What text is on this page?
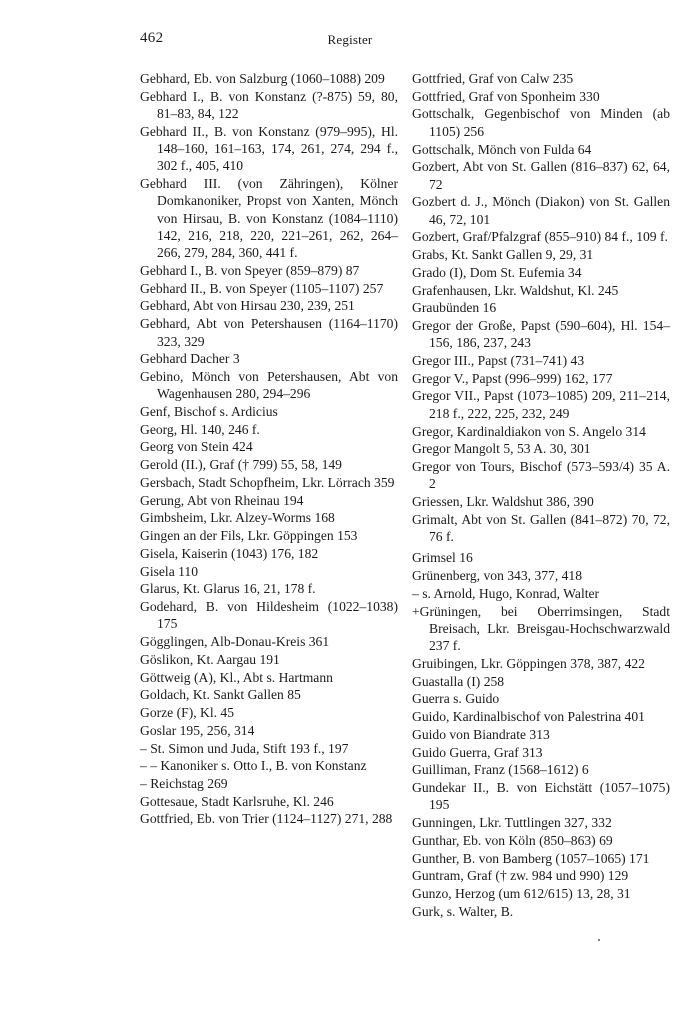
462	Register

Gebhard, Eb. von Salzburg (1060–1088) 209

Gebhard I., B. von Konstanz (?-875) 59, 80, 81–83, 84, 122

Gebhard II., B. von Konstanz (979–995), Hl. 148–160, 161–163, 174, 261, 274, 294 f., 302 f., 405, 410

Gebhard III. (von Zähringen), Kölner Domkanoniker, Propst von Xanten, Mönch von Hirsau, B. von Konstanz (1084–1110) 142, 216, 218, 220, 221–261, 262, 264–266, 279, 284, 360, 441 f.

Gebhard I., B. von Speyer (859–879) 87

Gebhard II., B. von Speyer (1105–1107) 257

Gebhard, Abt von Hirsau 230, 239, 251

Gebhard, Abt von Petershausen (1164–1170) 323, 329

Gebhard Dacher 3

Gebino, Mönch von Petershausen, Abt von Wagenhausen 280, 294–296

Genf, Bischof s. Ardicius

Georg, Hl. 140, 246 f.

Georg von Stein 424

Gerold (II.), Graf († 799) 55, 58, 149

Gersbach, Stadt Schopfheim, Lkr. Lörrach 359

Gerung, Abt von Rheinau 194

Gimbsheim, Lkr. Alzey-Worms 168

Gingen an der Fils, Lkr. Göppingen 153

Gisela, Kaiserin (1043) 176, 182

Gisela 110

Glarus, Kt. Glarus 16, 21, 178 f.

Godehard, B. von Hildesheim (1022–1038) 175

Gögglingen, Alb-Donau-Kreis 361

Göslikon, Kt. Aargau 191

Göttweig (A), Kl., Abt s. Hartmann

Goldach, Kt. Sankt Gallen 85

Gorze (F), Kl. 45

Goslar 195, 256, 314

– St. Simon und Juda, Stift 193 f., 197

– – Kanoniker s. Otto I., B. von Konstanz

– Reichstag 269

Gottesaue, Stadt Karlsruhe, Kl. 246

Gottfried, Eb. von Trier (1124–1127) 271, 288

Gottfried, Graf von Calw 235

Gottfried, Graf von Sponheim 330

Gottschalk, Gegenbischof von Minden (ab 1105) 256

Gottschalk, Mönch von Fulda 64

Gozbert, Abt von St. Gallen (816–837) 62, 64, 72

Gozbert d. J., Mönch (Diakon) von St. Gallen 46, 72, 101

Gozbert, Graf/Pfalzgraf (855–910) 84 f., 109 f.

Grabs, Kt. Sankt Gallen 9, 29, 31

Grado (I), Dom St. Eufemia 34

Grafenhausen, Lkr. Waldshut, Kl. 245

Graubünden 16

Gregor der Große, Papst (590–604), Hl. 154–156, 186, 237, 243

Gregor III., Papst (731–741) 43

Gregor V., Papst (996–999) 162, 177

Gregor VII., Papst (1073–1085) 209, 211–214, 218 f., 222, 225, 232, 249

Gregor, Kardinaldiakon von S. Angelo 314

Gregor Mangolt 5, 53 A. 30, 301

Gregor von Tours, Bischof (573–593/4) 35 A. 2

Griessen, Lkr. Waldshut 386, 390

Grimalt, Abt von St. Gallen (841–872) 70, 72, 76 f.

Grimsel 16

Grünenberg, von 343, 377, 418

– s. Arnold, Hugo, Konrad, Walter

+Grüningen, bei Oberrimsingen, Stadt Breisach, Lkr. Breisgau-Hochschwarzwald 237 f.

Gruibingen, Lkr. Göppingen 378, 387, 422

Guastalla (I) 258

Guerra s. Guido

Guido, Kardinalbischof von Palestrina 401

Guido von Biandrate 313

Guido Guerra, Graf 313

Guilliman, Franz (1568–1612) 6

Gundekar II., B. von Eichstätt (1057–1075) 195

Gunningen, Lkr. Tuttlingen 327, 332

Gunthar, Eb. von Köln (850–863) 69

Gunther, B. von Bamberg (1057–1065) 171

Guntram, Graf († zw. 984 und 990) 129

Gunzo, Herzog (um 612/615) 13, 28, 31

Gurk, s. Walter, B.
